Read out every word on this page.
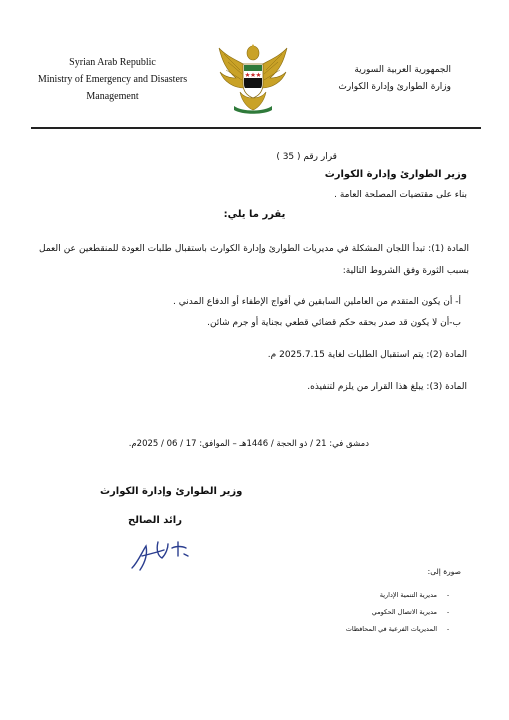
Syrian Arab Republic
Ministry of Emergency and Disasters
Management
الجمهورية العربية السورية
وزارة الطوارئ وإدارة الكوارث
قرار رقم ( 35 )
وزير الطوارئ وإدارة الكوارث
بناء على مقتضيات المصلحة العامة .
يقرر ما يلي:
المادة (1): تبدأ اللجان المشكلة في مديريات الطوارئ وإدارة الكوارث باستقبال طلبات العودة للمنقطعين عن العمل بسبب الثورة وفق الشروط التالية:
أ- أن يكون المتقدم من العاملين السابقين في أفواج الإطفاء أو الدفاع المدني .
ب-أن لا يكون قد صدر بحقه حكم قضائي قطعي بجناية أو جرم شائن.
المادة (2): يتم استقبال الطلبات لغاية 2025.7.15 م.
المادة (3): يبلغ هذا القرار من يلزم لتنفيذه.
دمشق في: 21 / ذو الحجة / 1446هـ – الموافق: 17 / 06 / 2025م.
وزير الطوارئ وإدارة الكوارث
رائد الصالح
صورة إلى:
-مديرية التنمية الإدارية
-مديرية الاتصال الحكومي
-المديريات الفرعية في المحافظات
